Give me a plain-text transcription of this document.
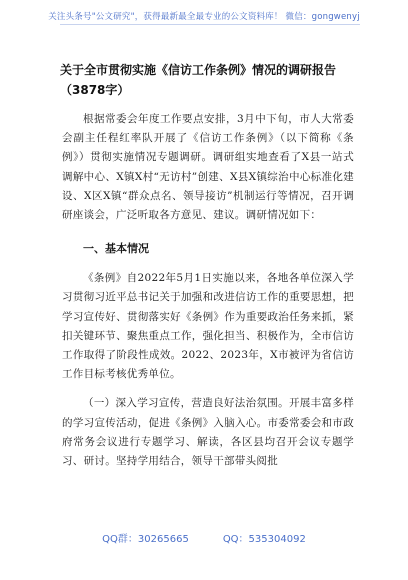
关注头条号"公文研究"，获得最新最全最专业的公文资料库！ 微信：gongwenyj
关于全市贯彻实施《信访工作条例》情况的调研报告（3878字）

根据常委会年度工作要点安排，3月中下旬，市人大常委会副主任程红率队开展了《信访工作条例》（以下简称《条例》）贯彻实施情况专题调研。调研组实地查看了X县一站式调解中心、X镇X村“无访村”创建、X县X镇综治中心标准化建设、X区X镇“群众点名、领导接访”机制运行等情况，召开调研座谈会，广泛听取各方意见、建议。调研情况如下：

一、基本情况

《条例》自2022年5月1日实施以来，各地各单位深入学习贯彻习近平总书记关于加强和改进信访工作的重要思想，把学习宣传好、贯彻落实好《条例》作为重要政治任务来抓，紧扣关键环节、聚焦重点工作，强化担当、积极作为，全市信访工作取得了阶段性成效。2022、2023年，X市被评为省信访工作目标考核优秀单位。

（一）深入学习宣传，营造良好法治氛围。开展丰富多样的学习宣传活动，促进《条例》入脑入心。市委常委会和市政府常务会议进行专题学习、解读，各区县均召开会议专题学习、研讨。坚持学用结合，领导干部带头阅批

QQ群：30265665	QQ：535304092
